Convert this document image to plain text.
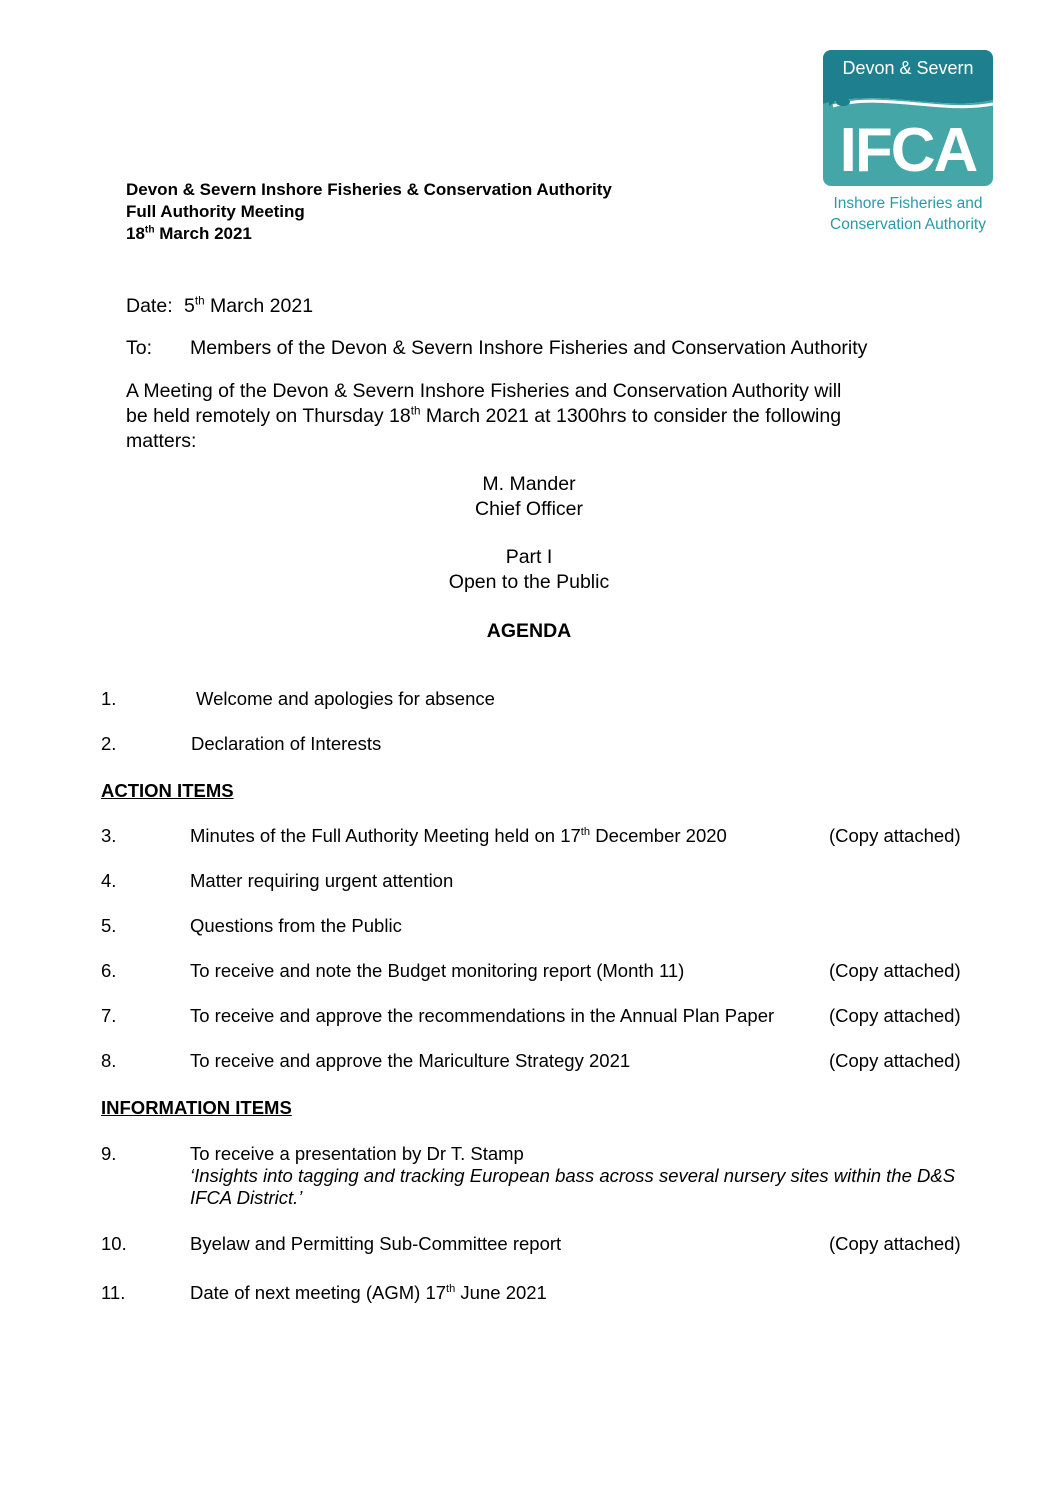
Devon & Severn
IFCA
Inshore Fisheries and
Conservation Authority
Devon & Severn Inshore Fisheries & Conservation Authority
Full Authority Meeting
18th March 2021
Date: 5th March 2021
To: Members of the Devon & Severn Inshore Fisheries and Conservation Authority
A Meeting of the Devon & Severn Inshore Fisheries and Conservation Authority will
be held remotely on Thursday 18th March 2021 at 1300hrs to consider the following
matters:
M. Mander
Chief Officer
Part I
Open to the Public
AGENDA
1.	Welcome and apologies for absence
2.	Declaration of Interests
ACTION ITEMS
3.	Minutes of the Full Authority Meeting held on 17th December 2020	(Copy attached)
4.	Matter requiring urgent attention
5.	Questions from the Public
6.	To receive and note the Budget monitoring report (Month 11)	(Copy attached)
7.	To receive and approve the recommendations in the Annual Plan Paper	(Copy attached)
8.	To receive and approve the Mariculture Strategy 2021	(Copy attached)
INFORMATION ITEMS
9.	To receive a presentation by Dr T. Stamp
‘Insights into tagging and tracking European bass across several nursery sites within the D&S
IFCA District.’
10.	Byelaw and Permitting Sub-Committee report	(Copy attached)
11.	Date of next meeting (AGM) 17th June 2021
